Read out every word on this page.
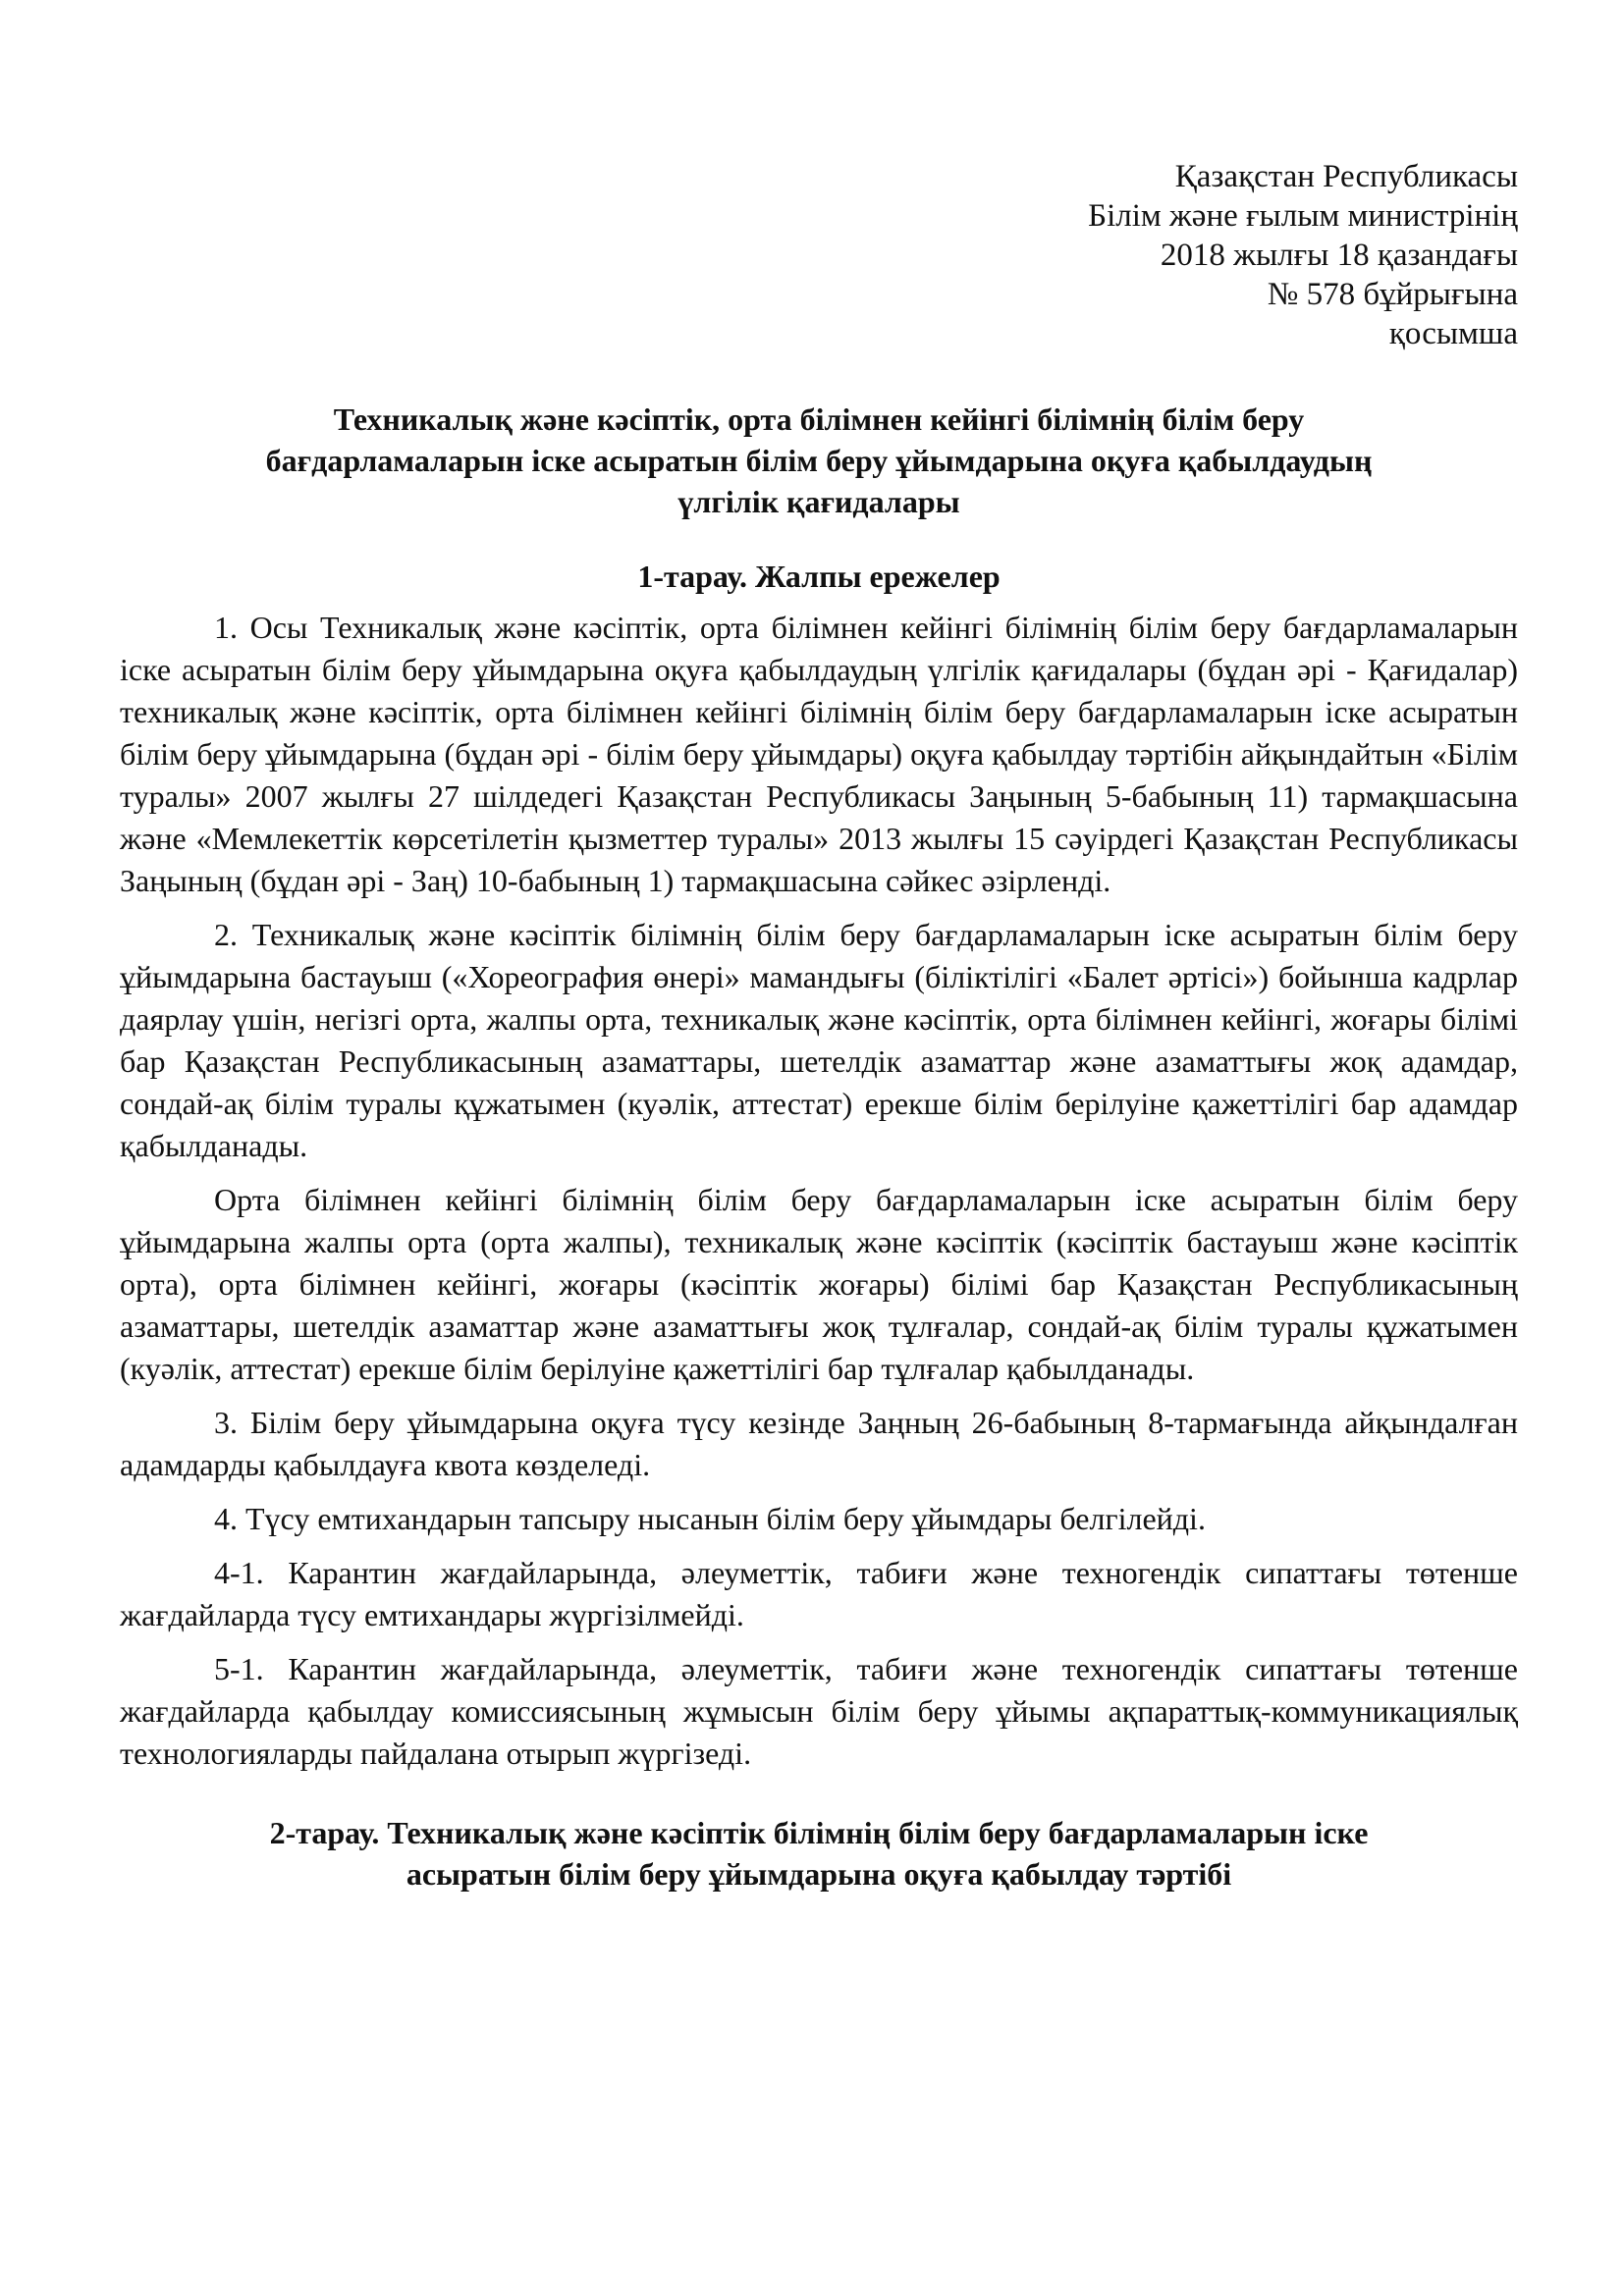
Қазақстан Республикасы
Білім және ғылым министрінің
2018 жылғы 18 қазандағы
№ 578 бұйрығына
қосымша
Техникалық және кәсіптік, орта білімнен кейінгі білімнің білім беру
бағдарламаларын іске асыратын білім беру ұйымдарына оқуға қабылдаудың
үлгілік қағидалары
1-тарау. Жалпы ережелер

1. Осы Техникалық және кәсіптік, орта білімнен кейінгі білімнің білім беру бағдарламаларын іске асыратын білім беру ұйымдарына оқуға қабылдаудың үлгілік қағидалары (бұдан әрі - Қағидалар) техникалық және кәсіптік, орта білімнен кейінгі білімнің білім беру бағдарламаларын іске асыратын білім беру ұйымдарына (бұдан әрі - білім беру ұйымдары) оқуға қабылдау тәртібін айқындайтын «Білім туралы» 2007 жылғы 27 шілдедегі Қазақстан Республикасы Заңының 5-бабының 11) тармақшасына және «Мемлекеттік көрсетілетін қызметтер туралы» 2013 жылғы 15 сәуірдегі Қазақстан Республикасы Заңының (бұдан әрі - Заң) 10-бабының 1) тармақшасына сәйкес әзірленді.

2. Техникалық және кәсіптік білімнің білім беру бағдарламаларын іске асыратын білім беру ұйымдарына бастауыш («Хореография өнері» мамандығы (біліктілігі «Балет әртісі») бойынша кадрлар даярлау үшін, негізгі орта, жалпы орта, техникалық және кәсіптік, орта білімнен кейінгі, жоғары білімі бар Қазақстан Республикасының азаматтары, шетелдік азаматтар және азаматтығы жоқ адамдар, сондай-ақ білім туралы құжатымен (куәлік, аттестат) ерекше білім берілуіне қажеттілігі бар адамдар қабылданады.

Орта білімнен кейінгі білімнің білім беру бағдарламаларын іске асыратын білім беру ұйымдарына жалпы орта (орта жалпы), техникалық және кәсіптік (кәсіптік бастауыш және кәсіптік орта), орта білімнен кейінгі, жоғары (кәсіптік жоғары) білімі бар Қазақстан Республикасының азаматтары, шетелдік азаматтар және азаматтығы жоқ тұлғалар, сондай-ақ білім туралы құжатымен (куәлік, аттестат) ерекше білім берілуіне қажеттілігі бар тұлғалар қабылданады.

3. Білім беру ұйымдарына оқуға түсу кезінде Заңның 26-бабының 8-тармағында айқындалған адамдарды қабылдауға квота көзделеді.

4. Түсу емтихандарын тапсыру нысанын білім беру ұйымдары белгілейді.

4-1. Карантин жағдайларында, әлеуметтік, табиғи және техногендік сипаттағы төтенше жағдайларда түсу емтихандары жүргізілмейді.

5-1. Карантин жағдайларында, әлеуметтік, табиғи және техногендік сипаттағы төтенше жағдайларда қабылдау комиссиясының жұмысын білім беру ұйымы ақпараттық-коммуникациялық технологияларды пайдалана отырып жүргізеді.

2-тарау. Техникалық және кәсіптік білімнің білім беру бағдарламаларын іске
асыратын білім беру ұйымдарына оқуға қабылдау тәртібі
